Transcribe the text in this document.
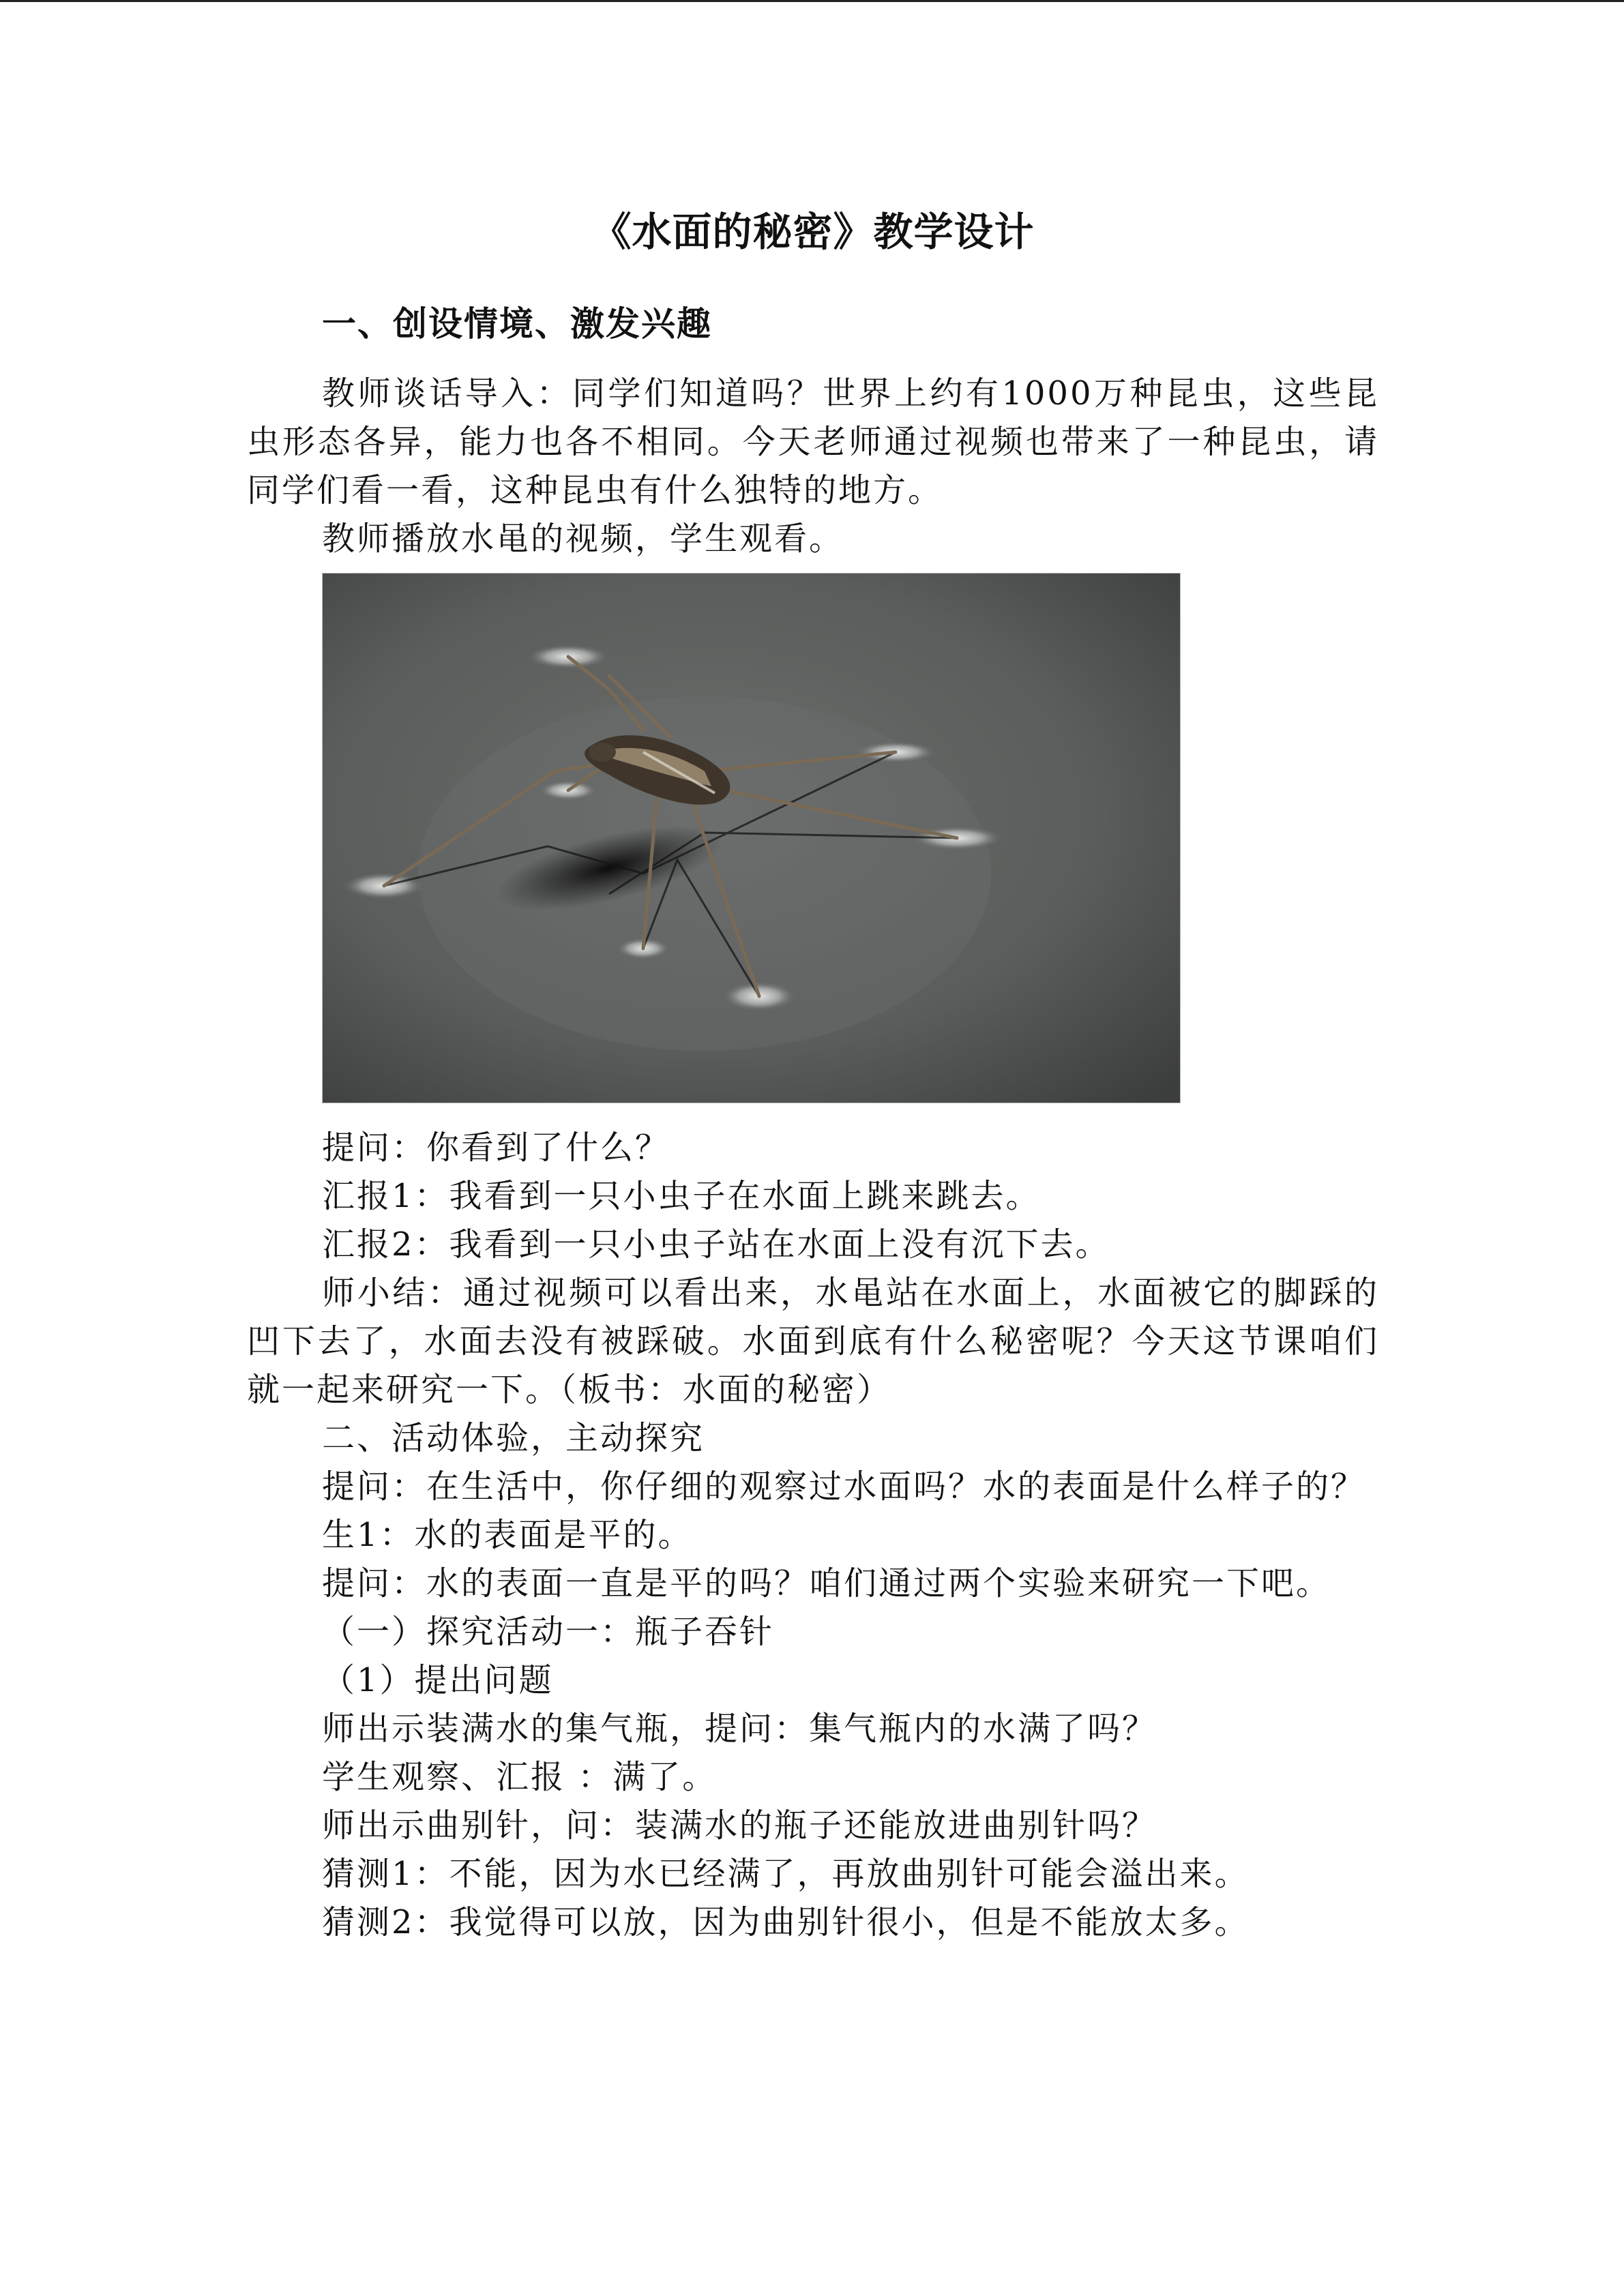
《水面的秘密》教学设计
一、创设情境、激发兴趣

教师谈话导入：同学们知道吗？世界上约有1000万种昆虫，这些昆虫形态各异，能力也各不相同。今天老师通过视频也带来了一种昆虫，请同学们看一看，这种昆虫有什么独特的地方。

教师播放水黾的视频，学生观看。

提问：你看到了什么？

汇报1：我看到一只小虫子在水面上跳来跳去。

汇报2：我看到一只小虫子站在水面上没有沉下去。

师小结：通过视频可以看出来，水黾站在水面上，水面被它的脚踩的凹下去了，水面去没有被踩破。水面到底有什么秘密呢？今天这节课咱们就一起来研究一下。（板书：水面的秘密）

二、活动体验，主动探究

提问：在生活中，你仔细的观察过水面吗？水的表面是什么样子的？

生1：水的表面是平的。

提问：水的表面一直是平的吗？咱们通过两个实验来研究一下吧。

（一）探究活动一：瓶子吞针

（1）提出问题

师出示装满水的集气瓶，提问：集气瓶内的水满了吗？

学生观察、汇报 ：满了。

师出示曲别针，问：装满水的瓶子还能放进曲别针吗？

猜测1：不能，因为水已经满了，再放曲别针可能会溢出来。

猜测2：我觉得可以放，因为曲别针很小，但是不能放太多。
